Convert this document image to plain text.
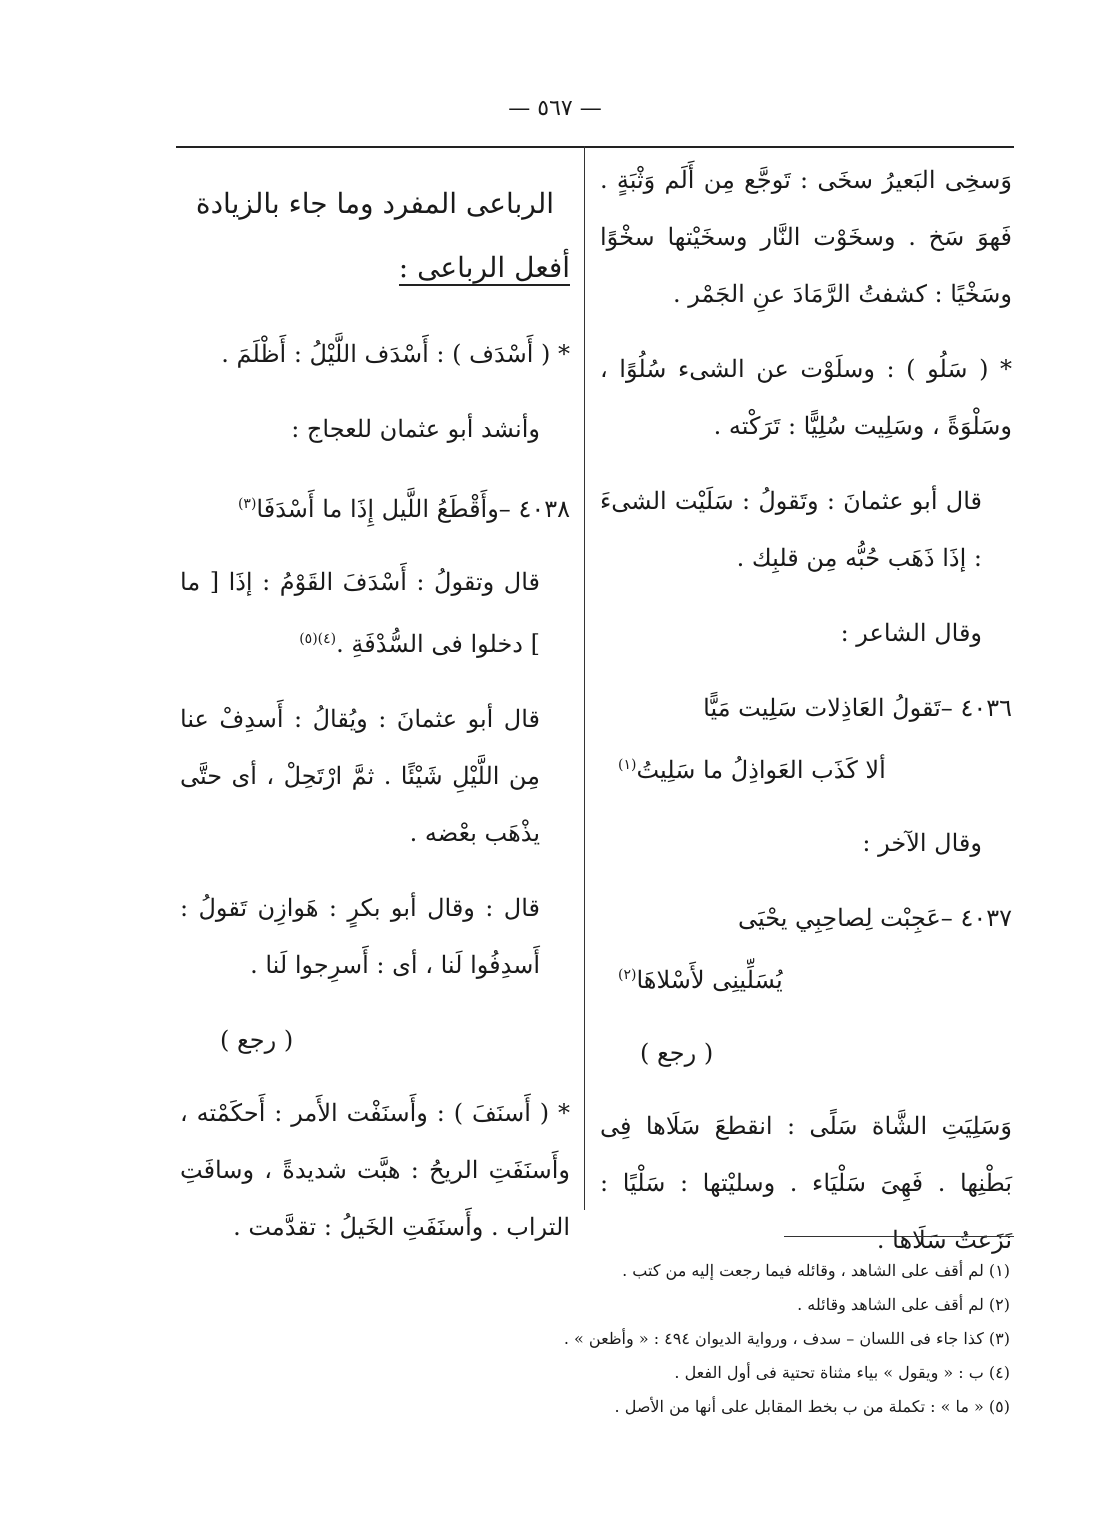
— ٥٦٧ —

وَسخِى البَعيرُ سخَى : تَوجَّع مِن أَلَم وَثْبَةٍ . فَهوَ سَخ . وسخَوْت النَّار وسخَيْتها سخْوًا وسَخْيًا : كشفتُ الرَّمَادَ عنِ الجَمْر .

* ( سَلُو ) : وسلَوْت عن الشىء سُلُوًا ، وسَلْوَةً ، وسَلِيت سُلِيًّا : تَرَكْته .

قال أبو عثمانَ : وتَقولُ : سَلَيْت الشىءَ : إذَا ذَهَب حُبُّه مِن قلبِك .

وقال الشاعر :

٤٠٣٦ –تَقولُ العَاذِلات سَلِيت مَيًّا
ألا كَذَب العَواذِلُ ما سَلِيتُ$^{(١)}$

وقال الآخر :

٤٠٣٧ –عَجِبْت لِصاحِبِي يحْيَى
يُسَلِّينِى لأَسْلاهَا$^{(٢)}$
( رجع )

وَسَلِيَتِ الشَّاة سَلًى : انقطعَ سَلَاها فِى بَطْنِها . فَهِىَ سَلْيَاء . وسليْتها : سَلْيًا : نَزَعتُ سَلَاها .

الرباعى المفرد وما جاء بالزيادة
أفعل الرباعى :

* ( أَسْدَف ) : أَسْدَف اللَّيْلُ : أَظْلَمَ .

وأنشد أبو عثمان للعجاج :

٤٠٣٨ –وأَقْطَعُ اللَّيل إِذَا ما أَسْدَفَا$^{(٣)}$

قال وتقولُ : أَسْدَفَ القَوْمُ : إذَا [ ما ] دخلوا فى السُّدْفَةِ .$^{(٤)(٥)}$

قال أبو عثمانَ : ويُقالُ : أَسدِفْ عنا مِن اللَّيْلِ شَيْئًا . ثمَّ ارْتَحِلْ ، أى حتَّى يذْهَب بعْضه .

قال : وقال أبو بكرٍ : هَوازِن تَقولُ : أَسدِفُوا لَنا ، أى : أَسرِجوا لَنا .

( رجع )

* ( أَسنَفَ ) : وأَسنَفْت الأَمر : أَحكَمْته ، وأَسنَفَتِ الريحُ : هبَّت شديدةً ، وسافَتِ التراب . وأَسنَفَتِ الخَيلُ : تقدَّمت .

(١) لم أقف على الشاهد ، وقائله فيما رجعت إليه من كتب .
(٢) لم أقف على الشاهد وقائله .
(٣) كذا جاء فى اللسان – سدف ، ورواية الديوان ٤٩٤ : « وأظعن » .
(٤) ب : « ويقول » بياء مثناة تحتية فى أول الفعل .
(٥) « ما » : تكملة من ب بخط المقابل على أنها من الأصل .
